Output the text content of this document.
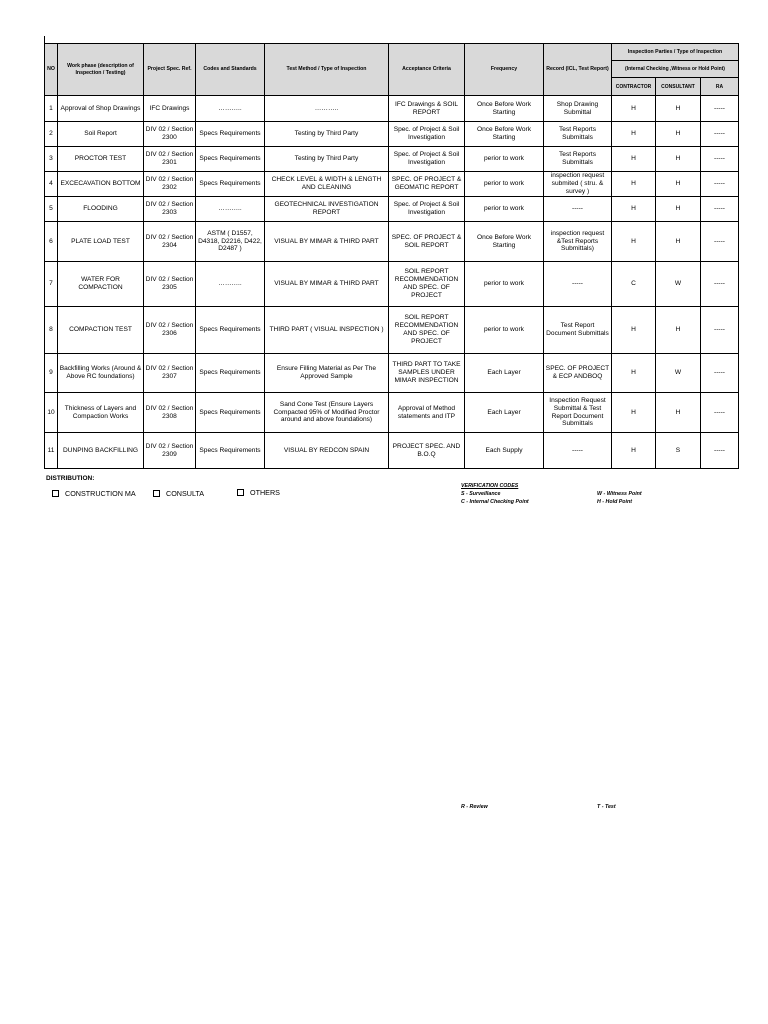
NO	Work phase (description of Inspection / Testing)	Project Spec. Ref.	Codes and Standards	Test Method / Type of Inspection	Acceptance Criteria	Frequency	Record (ICL, Test Report)	Inspection Parties / Type of Inspection		
								(Internal Checking ,Witness or Hold Point)		
								CONTRACTOR	CONSULTANT	RA
1	Approval of Shop Drawings	IFC Drawings	………..	………..	IFC Drawings & SOIL REPORT	Once Before Work Starting	Shop Drawing Submittal	H	H	-----
2	Soil Report	DIV 02 / Section 2300	Specs Requirements	Testing by Third Party	Spec. of Project & Soil Investigation	Once Before Work Starting	Test Reports Submittals	H	H	-----
3	PROCTOR TEST	DIV 02 / Section 2301	Specs Requirements	Testing by Third Party	Spec. of Project & Soil Investigation	perior to work	Test Reports Submittals	H	H	-----
4	EXCECAVATION BOTTOM	DIV 02 / Section 2302	Specs Requirements	CHECK LEVEL & WIDTH & LENGTH AND CLEANING	SPEC. OF PROJECT & GEOMATIC REPORT	perior to work	inspection request submited ( stru. & survey )	H	H	-----
5	FLOODING	DIV 02 / Section 2303	………..	GEOTECHNICAL INVESTIGATION REPORT	Spec. of Project & Soil Investigation	perior to work	-----	H	H	-----
6	PLATE LOAD TEST	DIV 02 / Section 2304	ASTM ( D1557, D4318, D2216, D422, D2487 )	VISUAL BY MIMAR & THIRD PART	SPEC. OF PROJECT & SOIL REPORT	Once Before Work Starting	inspection request &Test Reports Submittals)	H	H	-----
7	WATER FOR COMPACTION	DIV 02 / Section 2305	………..	VISUAL BY MIMAR & THIRD PART	SOIL REPORT RECOMMENDATION AND SPEC. OF PROJECT	perior to work	-----	C	W	-----
8	COMPACTION TEST	DIV 02 / Section 2306	Specs Requirements	THIRD PART ( VISUAL INSPECTION )	SOIL REPORT RECOMMENDATION AND SPEC. OF PROJECT	perior to work	Test Report Document Submittals	H	H	-----
9	Backfilling Works (Around & Above RC foundations)	DIV 02 / Section 2307	Specs Requirements	Ensure Filling Material as Per The Approved Sample	THIRD PART TO TAKE SAMPLES UNDER MIMAR INSPECTION	Each Layer	SPEC. OF PROJECT & ECP ANDBOQ	H	W	-----
10	Thickness of Layers and Compaction Works	DIV 02 / Section 2308	Specs Requirements	Sand Cone Test (Ensure Layers Compacted 95% of Modified Proctor around and above foundations)	Approval of Method statements and ITP	Each Layer	Inspection Request Submittal & Test Report Document Submittals	H	H	-----
11	DUNPING BACKFILLING	DIV 02 / Section 2309	Specs Requirements	VISUAL BY REDCON SPAIN	PROJECT SPEC. AND B.O.Q	Each Supply	-----	H	S	-----
DISTRIBUTION:
CONSTRUCTION MA	CONSULTA	OTHERS
VERIFICATION CODES
S - Surveillance
C - Internal Checking Point
W - Witness Point
H - Hold Point
R - Review	T - Test
